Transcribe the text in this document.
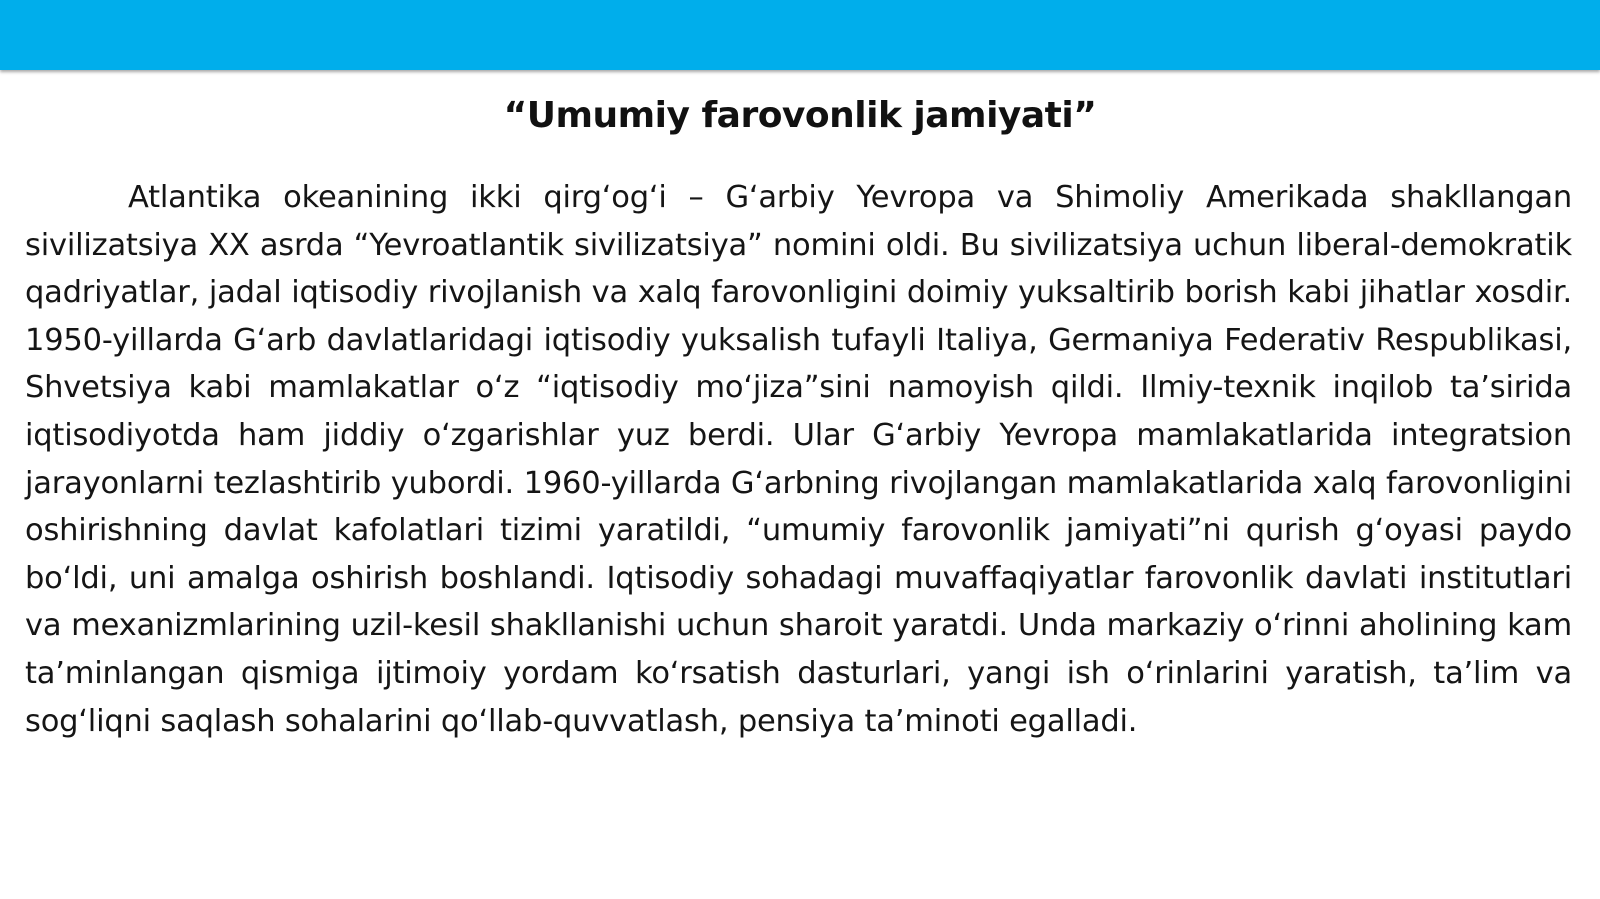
“Umumiy farovonlik jamiyati”

Atlantika okeanining ikki qirgʻogʻi – Gʻarbiy Yevropa va Shimoliy Amerikada shakllangan sivilizatsiya XX asrda “Yevroatlantik sivilizatsiya” nomini oldi. Bu sivilizatsiya uchun liberal-demokratik qadriyatlar, jadal iqtisodiy rivojlanish va xalq farovonligini doimiy yuksaltirib borish kabi jihatlar xosdir. 1950-yillarda Gʻarb davlatlaridagi iqtisodiy yuksalish tufayli Italiya, Germaniya Federativ Respublikasi, Shvetsiya kabi mamlakatlar oʻz “iqtisodiy moʻjiza”sini namoyish qildi. Ilmiy-texnik inqilob ta’sirida iqtisodiyotda ham jiddiy oʻzgarishlar yuz berdi. Ular Gʻarbiy Yevropa mamlakatlarida integratsion jarayonlarni tezlashtirib yubordi. 1960-yillarda Gʻarbning rivojlangan mamlakatlarida xalq farovonligini oshirishning davlat kafolatlari tizimi yaratildi, “umumiy farovonlik jamiyati”ni qurish gʻoyasi paydo boʻldi, uni amalga oshirish boshlandi. Iqtisodiy sohadagi muvaffaqiyatlar farovonlik davlati institutlari va mexanizmlarining uzil-kesil shakllanishi uchun sharoit yaratdi. Unda markaziy oʻrinni aholining kam ta’minlangan qismiga ijtimoiy yordam koʻrsatish dasturlari, yangi ish oʻrinlarini yaratish, ta’lim va sogʻliqni saqlash sohalarini qoʻllab-quvvatlash, pensiya ta’minoti egalladi.
